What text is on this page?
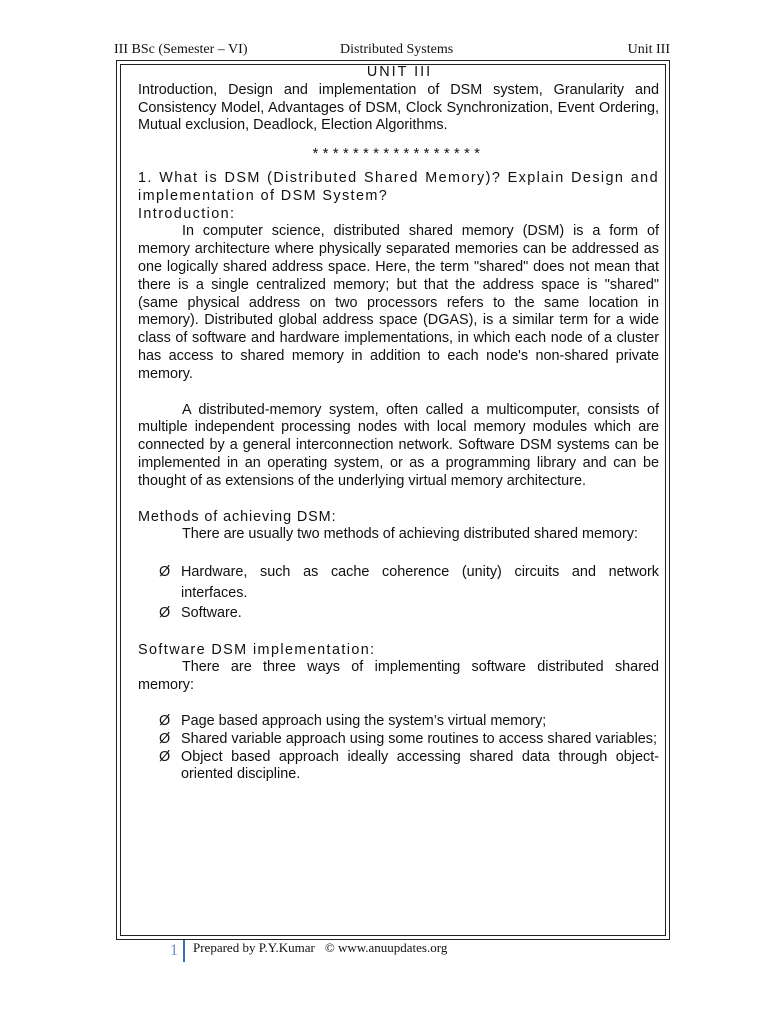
III BSc (Semester – VI)	Distributed Systems	Unit III
UNIT III
Introduction, Design and implementation of DSM system, Granularity and Consistency Model, Advantages of DSM, Clock Synchronization, Event Ordering, Mutual exclusion, Deadlock, Election Algorithms.
*****************
1. What is DSM (Distributed Shared Memory)? Explain Design and implementation of DSM System?
Introduction:
In computer science, distributed shared memory (DSM) is a form of memory architecture where physically separated memories can be addressed as one logically shared address space. Here, the term "shared" does not mean that there is a single centralized memory; but that the address space is "shared" (same physical address on two processors refers to the same location in memory). Distributed global address space (DGAS), is a similar term for a wide class of software and hardware implementations, in which each node of a cluster has access to shared memory in addition to each node's non-shared private memory.
A distributed-memory system, often called a multicomputer, consists of multiple independent processing nodes with local memory modules which are connected by a general interconnection network. Software DSM systems can be implemented in an operating system, or as a programming library and can be thought of as extensions of the underlying virtual memory architecture.
Methods of achieving DSM:
There are usually two methods of achieving distributed shared memory:
Ø Hardware, such as cache coherence (unity) circuits and network interfaces.
Ø Software.
Software DSM implementation:
There are three ways of implementing software distributed shared memory:
Ø Page based approach using the system’s virtual memory;
Ø Shared variable approach using some routines to access shared variables;
Ø Object based approach ideally accessing shared data through object-oriented discipline.
1 Prepared by P.Y.Kumar © www.anuupdates.org
